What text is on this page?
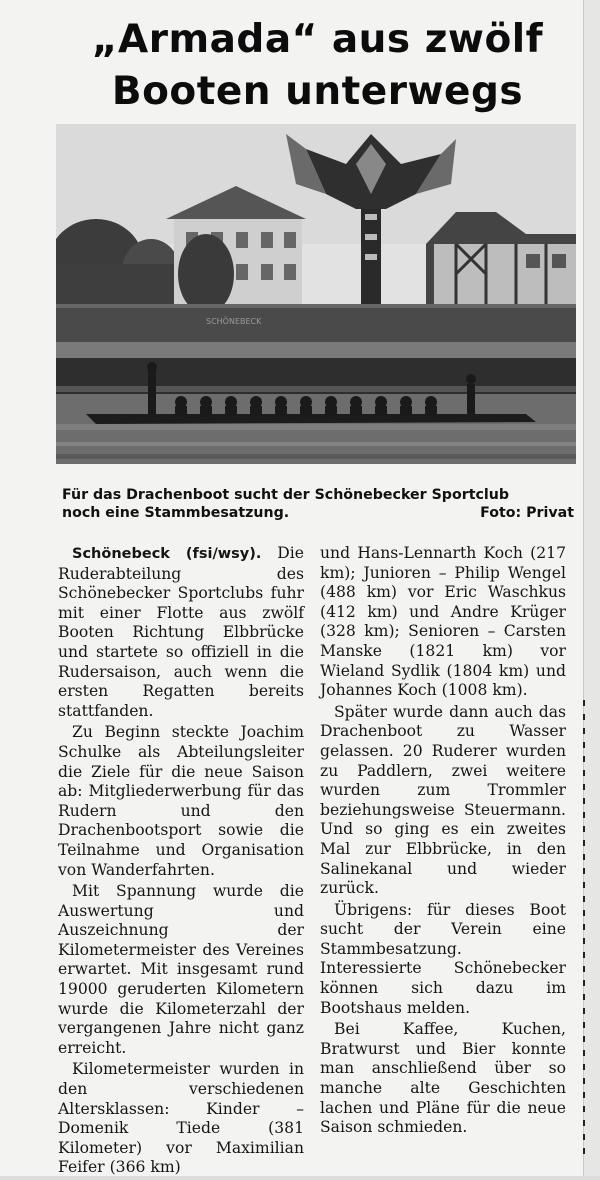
„Armada“ aus zwölf
Booten unterwegs
SCHÖNEBECK
Für das Drachenboot sucht der Schönebecker Sportclub
noch eine Stammbesatzung.	Foto: Privat

Schönebeck (fsi/wsy). Die Ruderabteilung des Schönebecker Sportclubs fuhr mit einer Flotte aus zwölf Booten Richtung Elbbrücke und startete so offiziell in die Rudersaison, auch wenn die ersten Regatten bereits stattfanden.

Zu Beginn steckte Joachim Schulke als Abteilungsleiter die Ziele für die neue Saison ab: Mitgliederwerbung für das Rudern und den Drachenbootsport sowie die Teilnahme und Organisation von Wanderfahrten.

Mit Spannung wurde die Auswertung und Auszeichnung der Kilometermeister des Vereines erwartet. Mit insgesamt rund 19000 geruderten Kilometern wurde die Kilometerzahl der vergangenen Jahre nicht ganz erreicht.

Kilometermeister wurden in den verschiedenen Altersklassen: Kinder – Domenik Tiede (381 Kilometer) vor Maximilian Feifer (366 km)

und Hans-Lennarth Koch (217 km); Junioren – Philip Wengel (488 km) vor Eric Waschkus (412 km) und Andre Krüger (328 km); Senioren – Carsten Manske (1821 km) vor Wieland Sydlik (1804 km) und Johannes Koch (1008 km).

Später wurde dann auch das Drachenboot zu Wasser gelassen. 20 Ruderer wurden zu Paddlern, zwei weitere wurden zum Trommler beziehungsweise Steuermann. Und so ging es ein zweites Mal zur Elbbrücke, in den Salinekanal und wieder zurück.

Übrigens: für dieses Boot sucht der Verein eine Stammbesatzung. Interessierte Schönebecker können sich dazu im Bootshaus melden.

Bei Kaffee, Kuchen, Bratwurst und Bier konnte man anschließend über so manche alte Geschichten lachen und Pläne für die neue Saison schmieden.
